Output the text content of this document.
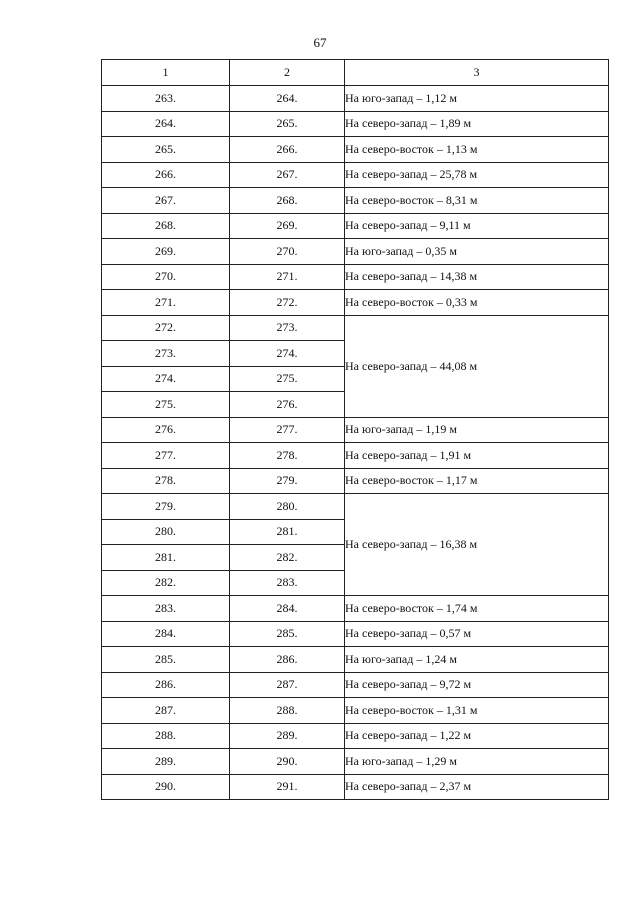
67
1	2	3
263.	264.	На юго-запад – 1,12 м
264.	265.	На северо-запад – 1,89 м
265.	266.	На северо-восток – 1,13 м
266.	267.	На северо-запад – 25,78 м
267.	268.	На северо-восток – 8,31 м
268.	269.	На северо-запад – 9,11 м
269.	270.	На юго-запад – 0,35 м
270.	271.	На северо-запад – 14,38 м
271.	272.	На северо-восток – 0,33 м
272.	273.	На северо-запад – 44,08 м
273.	274.	
274.	275.	
275.	276.	
276.	277.	На юго-запад – 1,19 м
277.	278.	На северо-запад – 1,91 м
278.	279.	На северо-восток – 1,17 м
279.	280.	На северо-запад – 16,38 м
280.	281.	
281.	282.	
282.	283.	
283.	284.	На северо-восток – 1,74 м
284.	285.	На северо-запад – 0,57 м
285.	286.	На юго-запад – 1,24 м
286.	287.	На северо-запад – 9,72 м
287.	288.	На северо-восток – 1,31 м
288.	289.	На северо-запад – 1,22 м
289.	290.	На юго-запад – 1,29 м
290.	291.	На северо-запад – 2,37 м
